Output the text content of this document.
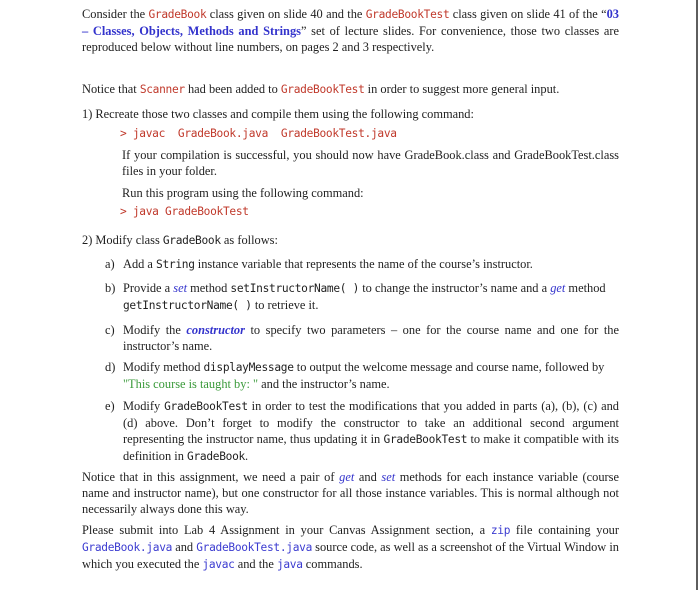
Consider the GradeBook class given on slide 40 and the GradeBookTest class given on slide 41 of the “03 – Classes, Objects, Methods and Strings” set of lecture slides. For convenience, those two classes are reproduced below without line numbers, on pages 2 and 3 respectively.
Notice that Scanner had been added to GradeBookTest in order to suggest more general input.
1) Recreate those two classes and compile them using the following command:
> javac  GradeBook.java  GradeBookTest.java
If your compilation is successful, you should now have GradeBook.class and GradeBookTest.class files in your folder.
Run this program using the following command:
> java GradeBookTest
2) Modify class GradeBook as follows:
a) Add a String instance variable that represents the name of the course’s instructor.
b) Provide a set method setInstructorName( ) to change the instructor’s name and a get method getInstructorName( ) to retrieve it.
c) Modify the constructor to specify two parameters – one for the course name and one for the instructor’s name.
d) Modify method displayMessage to output the welcome message and course name, followed by "This course is taught by: " and the instructor’s name.
e) Modify GradeBookTest in order to test the modifications that you added in parts (a), (b), (c) and (d) above. Don’t forget to modify the constructor to take an additional second argument representing the instructor name, thus updating it in GradeBookTest to make it compatible with its definition in GradeBook.
Notice that in this assignment, we need a pair of get and set methods for each instance variable (course name and instructor name), but one constructor for all those instance variables. This is normal although not necessarily always done this way.
Please submit into Lab 4 Assignment in your Canvas Assignment section, a zip file containing your GradeBook.java and GradeBookTest.java source code, as well as a screenshot of the Virtual Window in which you executed the javac and the java commands.
